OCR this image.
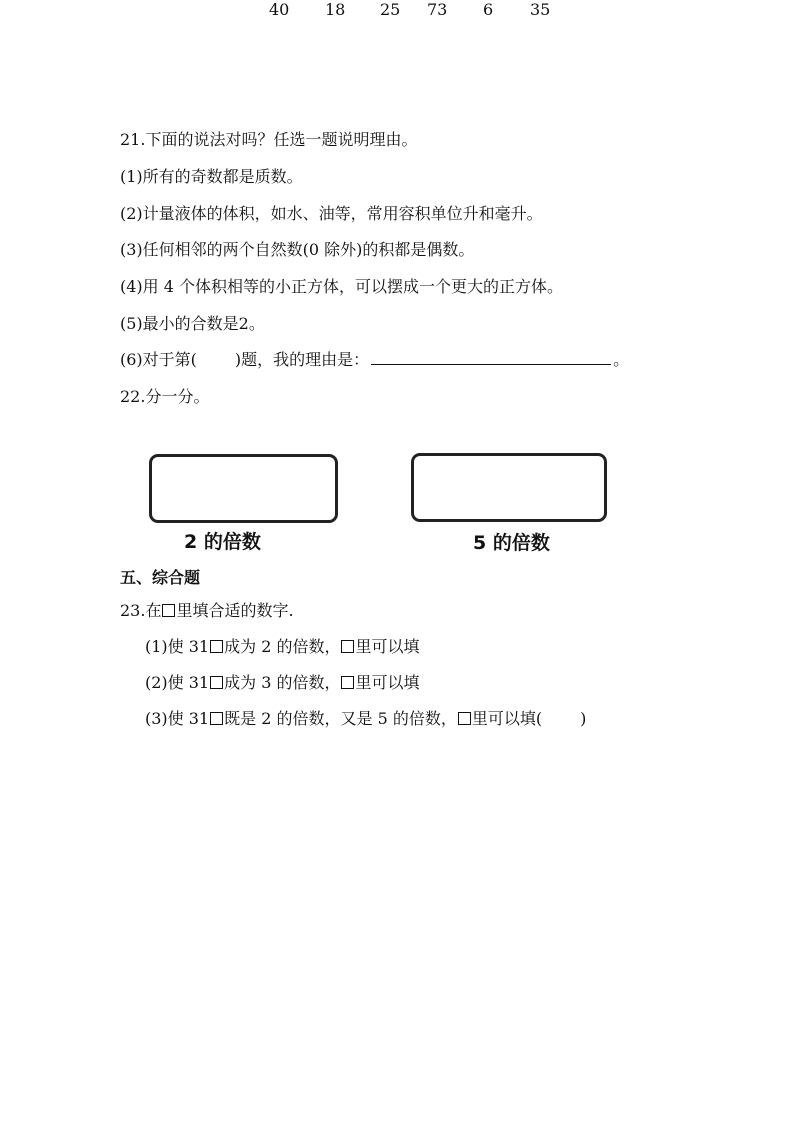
21.下面的说法对吗？任选一题说明理由。
(1)所有的奇数都是质数。
(2)计量液体的体积，如水、油等，常用容积单位升和毫升。
(3)任何相邻的两个自然数(0 除外)的积都是偶数。
(4)用 4 个体积相等的小正方体，可以摆成一个更大的正方体。
(5)最小的合数是2。
(6)对于第( )题，我的理由是：	。
22.分一分。
40 18 25 73 6 35
2 的倍数	5 的倍数
五、综合题
23.在 里填合适的数字.
(1)使 31 成为 2 的倍数， 里可以填
(2)使 31 成为 3 的倍数， 里可以填
(3)使 31 既是 2 的倍数，又是 5 的倍数， 里可以填( )
